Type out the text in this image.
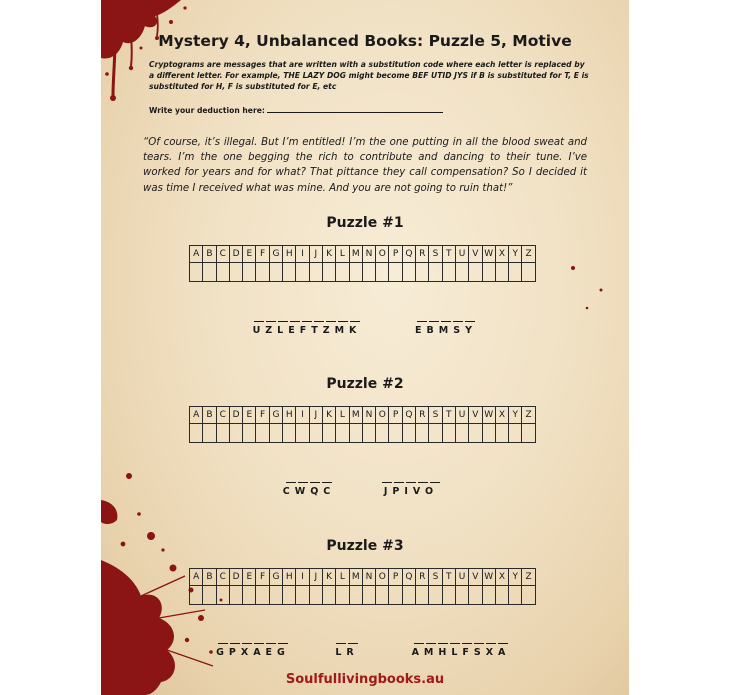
Mystery 4, Unbalanced Books: Puzzle 5, Motive
Cryptograms are messages that are written with a substitution code where each letter is replaced by a different letter. For example, THE LAZY DOG might become BEF UTID JYS if B is substituted for T, E is substituted for H, F is substituted for E, etc
Write your deduction here:
“Of course, it’s illegal. But I’m entitled! I’m the one putting in all the blood sweat and tears. I’m the one begging the rich to contribute and dancing to their tune. I’ve worked for years and for what? That pittance they call compensation? So I decided it was time I received what was mine. And you are not going to ruin that!”
Puzzle #1
A	B	C	D	E	F	G	H	I	J	K	L	M	N	O	P	Q	R	S	T	U	V	W	X	Y	Z

UZLEFTZMK	EBMSY
Puzzle #2
A	B	C	D	E	F	G	H	I	J	K	L	M	N	O	P	Q	R	S	T	U	V	W	X	Y	Z

CWQC	JPIVO
Puzzle #3
A	B	C	D	E	F	G	H	I	J	K	L	M	N	O	P	Q	R	S	T	U	V	W	X	Y	Z

GPXAEG	LR	AMHLFSXA
Soulfullivingbooks.au
